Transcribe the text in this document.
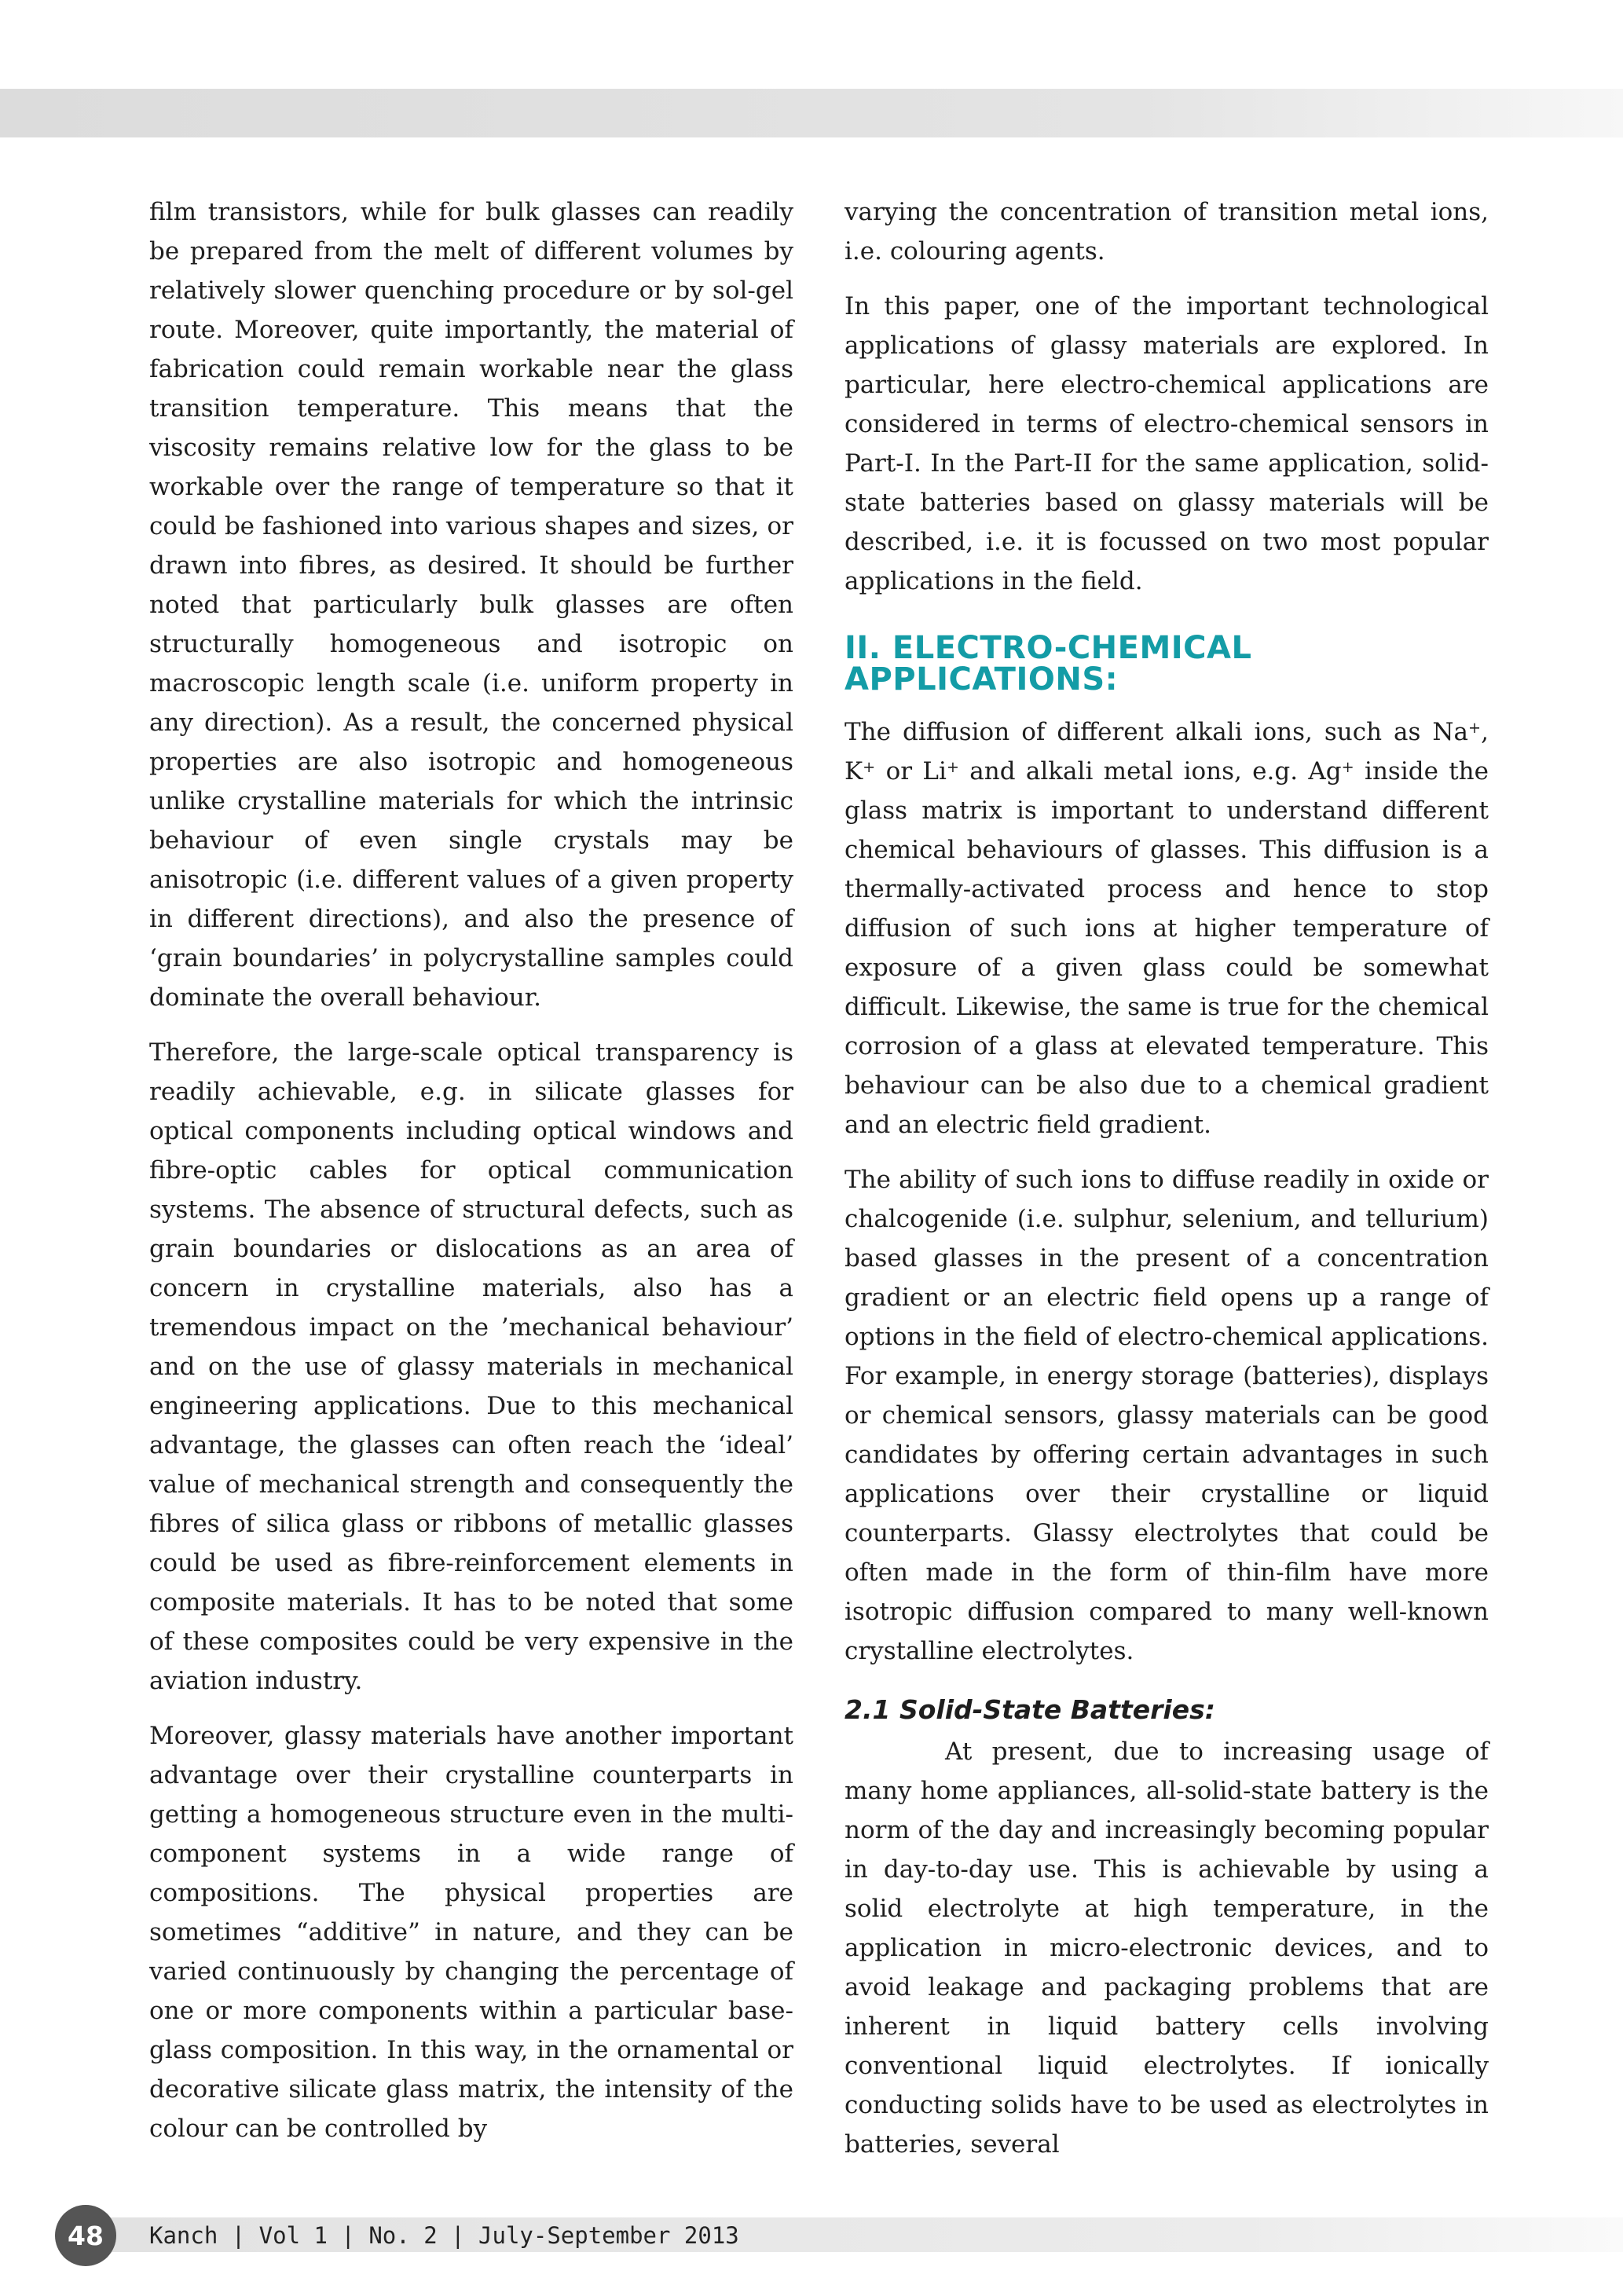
film transistors, while for bulk glasses can readily be prepared from the melt of different volumes by relatively slower quenching procedure or by sol-gel route. Moreover, quite importantly, the material of fabrication could remain workable near the glass transition temperature. This means that the viscosity remains relative low for the glass to be workable over the range of temperature so that it could be fashioned into various shapes and sizes, or drawn into fibres, as desired. It should be further noted that particularly bulk glasses are often structurally homogeneous and isotropic on macroscopic length scale (i.e. uniform property in any direction). As a result, the concerned physical properties are also isotropic and homogeneous unlike crystalline materials for which the intrinsic behaviour of even single crystals may be anisotropic (i.e. different values of a given property in different directions), and also the presence of ‘grain boundaries’ in polycrystalline samples could dominate the overall behaviour.

Therefore, the large-scale optical transparency is readily achievable, e.g. in silicate glasses for optical components including optical windows and fibre-optic cables for optical communication systems. The absence of structural defects, such as grain boundaries or dislocations as an area of concern in crystalline materials, also has a tremendous impact on the ’mechanical behaviour’ and on the use of glassy materials in mechanical engineering applications. Due to this mechanical advantage, the glasses can often reach the ‘ideal’ value of mechanical strength and consequently the fibres of silica glass or ribbons of metallic glasses could be used as fibre-reinforcement elements in composite materials. It has to be noted that some of these composites could be very expensive in the aviation industry.

Moreover, glassy materials have another important advantage over their crystalline counterparts in getting a homogeneous structure even in the multi-component systems in a wide range of compositions. The physical properties are sometimes “additive” in nature, and they can be varied continuously by changing the percentage of one or more components within a particular base-glass composition. In this way, in the ornamental or decorative silicate glass matrix, the intensity of the colour can be controlled by

varying the concentration of transition metal ions, i.e. colouring agents.

In this paper, one of the important technological applications of glassy materials are explored. In particular, here electro-chemical applications are considered in terms of electro-chemical sensors in Part-I. In the Part-II for the same application, solid-state batteries based on glassy materials will be described, i.e. it is focussed on two most popular applications in the field.

II. ELECTRO-CHEMICAL
APPLICATIONS:

The diffusion of different alkali ions, such as Na+, K+ or Li+ and alkali metal ions, e.g. Ag+ inside the glass matrix is important to understand different chemical behaviours of glasses. This diffusion is a thermally-activated process and hence to stop diffusion of such ions at higher temperature of exposure of a given glass could be somewhat difficult. Likewise, the same is true for the chemical corrosion of a glass at elevated temperature. This behaviour can be also due to a chemical gradient and an electric field gradient.

The ability of such ions to diffuse readily in oxide or chalcogenide (i.e. sulphur, selenium, and tellurium) based glasses in the present of a concentration gradient or an electric field opens up a range of options in the field of electro-chemical applications. For example, in energy storage (batteries), displays or chemical sensors, glassy materials can be good candidates by offering certain advantages in such applications over their crystalline or liquid counterparts. Glassy electrolytes that could be often made in the form of thin-film have more isotropic diffusion compared to many well-known crystalline electrolytes.

2.1 Solid-State Batteries:

At present, due to increasing usage of many home appliances, all-solid-state battery is the norm of the day and increasingly becoming popular in day-to-day use. This is achievable by using a solid electrolyte at high temperature, in the application in micro-electronic devices, and to avoid leakage and packaging problems that are inherent in liquid battery cells involving conventional liquid electrolytes. If ionically conducting solids have to be used as electrolytes in batteries, several

48	Kanch | Vol 1 | No. 2 | July-September 2013
